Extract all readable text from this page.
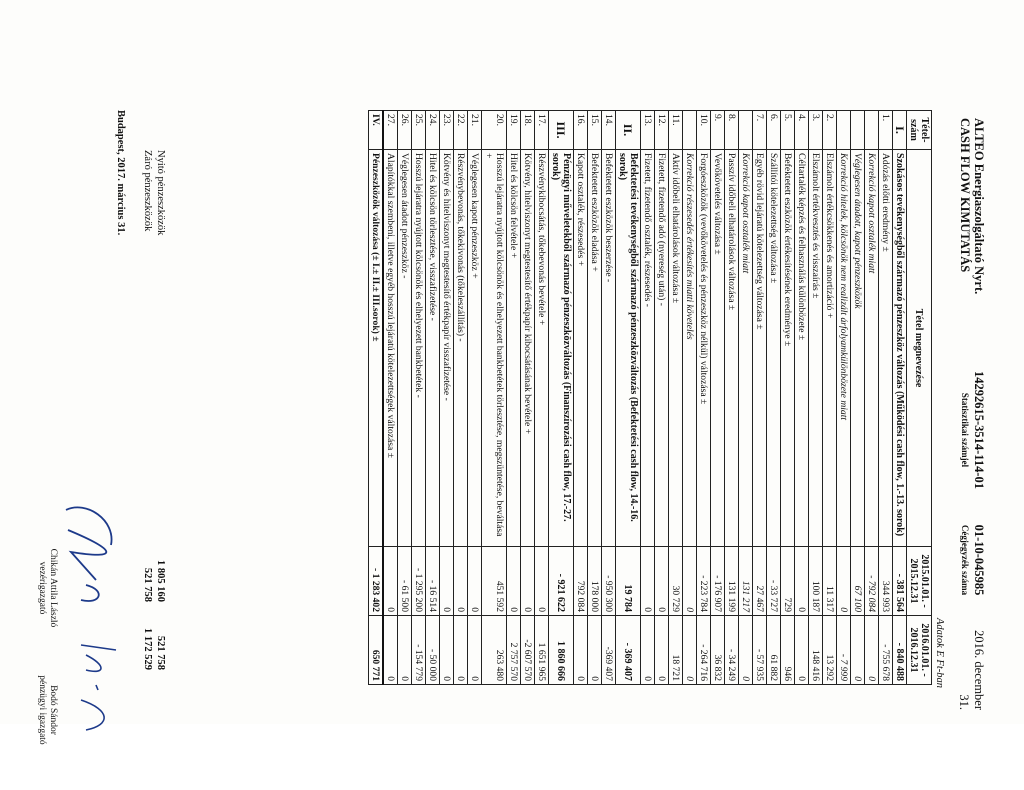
ALTEO Energiaszolgáltató Nyrt.
CASH FLOW KIMUTATÁS
14292615-3514-114-01
Statisztikai számjel
01-10-045985
Cégjegyzék száma
2016. december 31.
Adatok E Ft-ban
Tétel-szám	Tétel megnevezése	2015.01.01. - 2015.12.31	2016.01.01. - 2016.12.31
I.	Szokásos tevékenységből származó pénzeszköz változás (Működési cash flow, 1.-13. sorok)	- 381 564	- 840 488
1.	Adózás előtti eredmény ±	344 993	- 755 678
	Korrekció kapott osztalék miatt	- 792 084	0
	Véglegesen átadott, kapott pénzeszközök	67 100	0
	Korrekció hitelek, kölcsönök nem realizált árfolyamkülönbözete miatt	0	- 7 999
2.	Elszámolt értékcsökkenés és amortizáció +	11 317	13 292
3.	Elszámolt értékvesztés és visszaírás ±	100 187	148 416
4.	Céltartalék képzés és felhasználás különbözete ±	0	0
5.	Befektetett eszközök értékesítésének eredménye ±	729	946
6.	Szállítói kötelezettség változása ±	- 33 727	61 882
7.	Egyéb rövid lejáratú kötelezettség változása ±	27 467	- 57 935
	Korrekció kapott osztalék miatt	131 217	0
8.	Passzív időbeli elhatárolások változása ±	131 199	- 34 249
9.	Vevőkövetelés változása ±	- 176 907	36 832
10.	Forgóeszközök (vevőkövetelés és pénzeszköz nélkül) változása ±	- 223 784	- 264 716
	Korrekció részesedés értékesítés miatti követelés	0	0
11.	Aktív időbeli elhatárolások változása ±	30 729	18 721
12.	Fizetett, fizetendő adó (nyereség után) -	0	0
13.	Fizetett, fizetendő osztalék, részesedés -	0	0
II.	Befektetési tevékenységből származó pénzeszközváltozás (Befektetési cash flow, 14.-16. sorok)	19 784	- 369 407
14.	Befektetett eszközök beszerzése -	- 950 300	-369 407
15.	Befektetett eszközök eladása +	178 000	0
16.	Kapott osztalék, részesedés +	792 084	0
III.	Pénzügyi műveletekből származó pénzeszközváltozás (Finanszírozási cash flow, 17.-27. sorok)	- 921 622	1 860 666
17.	Részvénykibocsátás, tőkebevonás bevétele +	0	1 651 965
18.	Kötvény, hitelviszonyt megtestesítő értékpapír kibocsátásának bevétele +	0	-2 607 570
19.	Hitel és kölcsön felvétele +	0	2 757 570
20.	Hosszú lejáratra nyújtott kölcsönök és elhelyezett bankbetétek törlesztése, megszüntetése, beváltása +	451 592	263 480
21.	Véglegesen kapott pénzeszköz +	0	0
22.	Részvénybevonás, tőkekivonás (tőkeleszállítás) -	0	0
23.	Kötvény és hitelviszonyt megtestesítő értékpapír visszafizetése -	0	0
24.	Hitel és kölcsön törlesztése, visszafizetése -	- 16 514	- 50 000
25.	Hosszú lejáratra nyújtott kölcsönök és elhelyezett bankbetétek -	- 1 295 200	- 154 779
26.	Véglegesen átadott pénzeszköz -	- 61 500	0
27.	Alapítókkal szembeni, illetve egyéb hosszú lejáratú kötelezettségek változása ±	0	0
IV.	Pénzeszközök változása (± I.± II.± III.sorok) ±	- 1 283 402	650 771
Nyitó pénzeszközök
1 805 160
521 758
Záró pénzeszközök
521 758
1 172 529
Budapest, 2017. március 31.
Chikán Attila László
vezérigazgató
Bodó Sándor
pénzügyi igazgató
